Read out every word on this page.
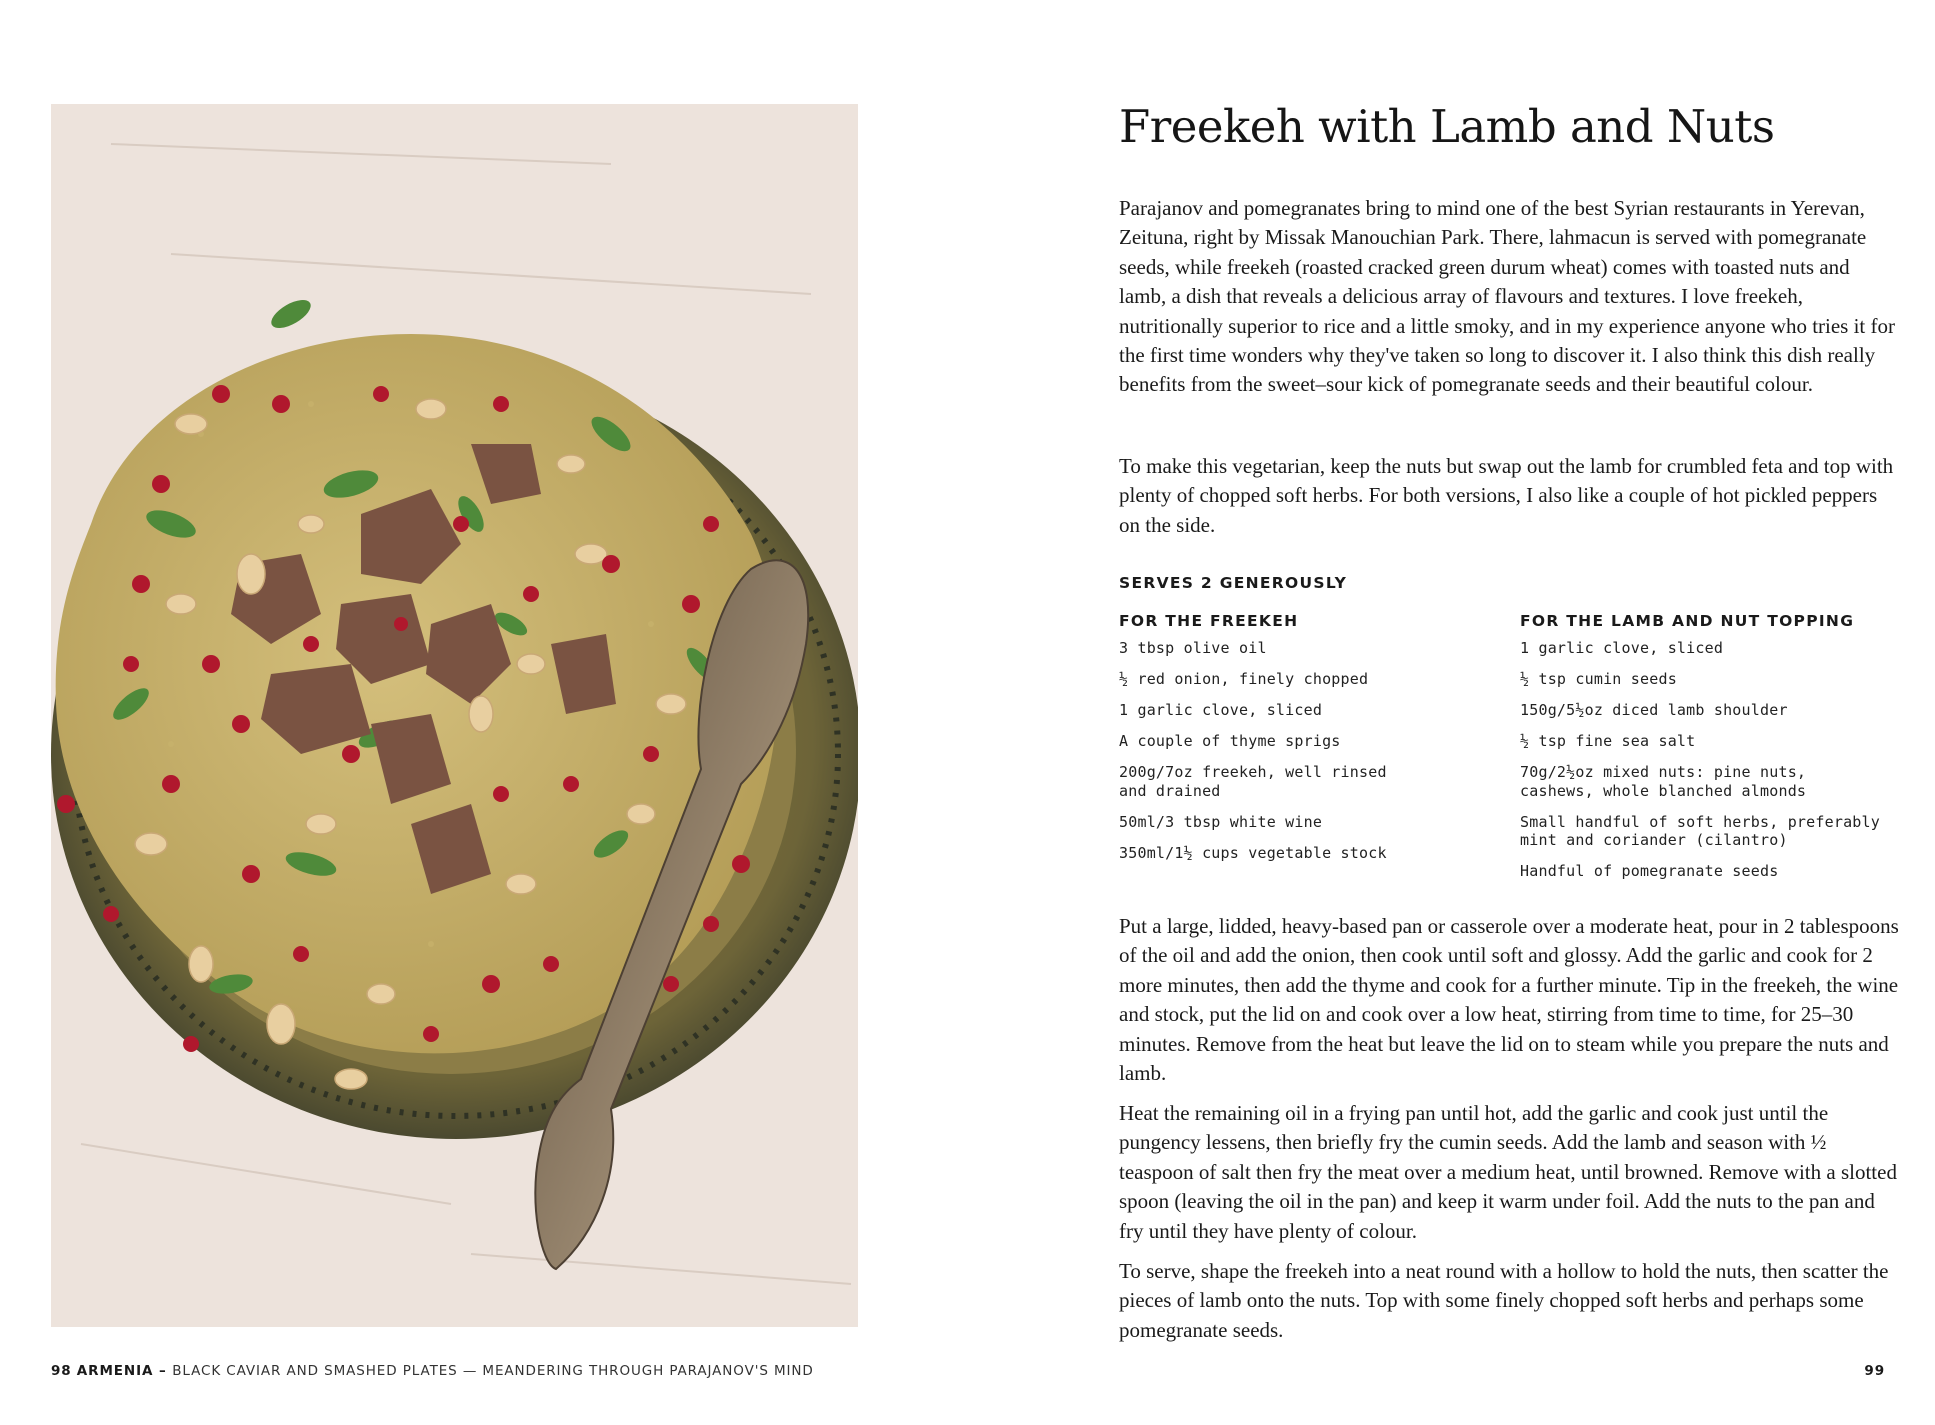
Freekeh with Lamb and Nuts

Parajanov and pomegranates bring to mind one of the best Syrian restaurants in Yerevan, Zeituna, right by Missak Manouchian Park. There, lahmacun is served with pomegranate seeds, while freekeh (roasted cracked green durum wheat) comes with toasted nuts and lamb, a dish that reveals a delicious array of flavours and textures. I love freekeh, nutritionally superior to rice and a little smoky, and in my experience anyone who tries it for the first time wonders why they've taken so long to discover it. I also think this dish really benefits from the sweet–sour kick of pomegranate seeds and their beautiful colour.

To make this vegetarian, keep the nuts but swap out the lamb for crumbled feta and top with plenty of chopped soft herbs. For both versions, I also like a couple of hot pickled peppers on the side.

SERVES 2 GENEROUSLY
FOR THE FREEKEH
3 tbsp olive oil
½ red onion, finely chopped
1 garlic clove, sliced
A couple of thyme sprigs
200g/7oz freekeh, well rinsed
and drained
50ml/3 tbsp white wine
350ml/1½ cups vegetable stock
FOR THE LAMB AND NUT TOPPING
1 garlic clove, sliced
½ tsp cumin seeds
150g/5½oz diced lamb shoulder
½ tsp fine sea salt
70g/2½oz mixed nuts: pine nuts,
cashews, whole blanched almonds
Small handful of soft herbs, preferably
mint and coriander (cilantro)
Handful of pomegranate seeds

Put a large, lidded, heavy-based pan or casserole over a moderate heat, pour in 2 tablespoons of the oil and add the onion, then cook until soft and glossy. Add the garlic and cook for 2 more minutes, then add the thyme and cook for a further minute. Tip in the freekeh, the wine and stock, put the lid on and cook over a low heat, stirring from time to time, for 25–30 minutes. Remove from the heat but leave the lid on to steam while you prepare the nuts and lamb.

Heat the remaining oil in a frying pan until hot, add the garlic and cook just until the pungency lessens, then briefly fry the cumin seeds. Add the lamb and season with ½ teaspoon of salt then fry the meat over a medium heat, until browned. Remove with a slotted spoon (leaving the oil in the pan) and keep it warm under foil. Add the nuts to the pan and fry until they have plenty of colour.

To serve, shape the freekeh into a neat round with a hollow to hold the nuts, then scatter the pieces of lamb onto the nuts. Top with some finely chopped soft herbs and perhaps some pomegranate seeds.

98 ARMENIA – BLACK CAVIAR AND SMASHED PLATES — MEANDERING THROUGH PARAJANOV'S MIND	99
